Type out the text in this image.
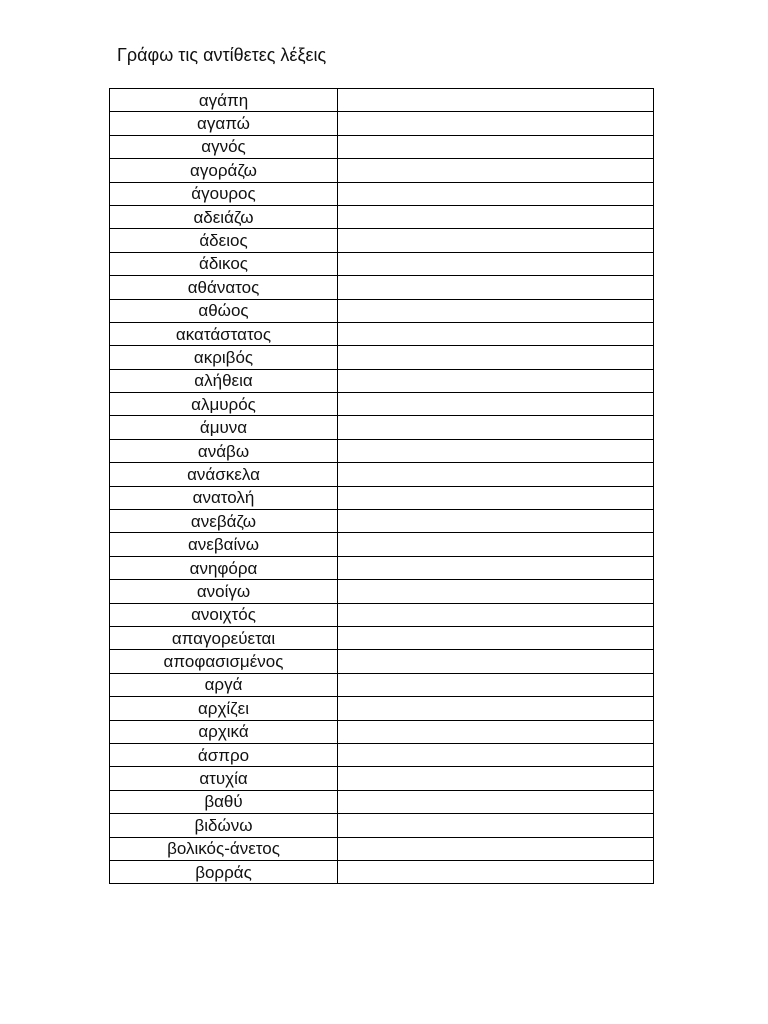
Γράφω τις αντίθετες λέξεις
αγάπη	
αγαπώ	
αγνός	
αγοράζω	
άγουρος	
αδειάζω	
άδειος	
άδικος	
αθάνατος	
αθώος	
ακατάστατος	
ακριβός	
αλήθεια	
αλμυρός	
άμυνα	
ανάβω	
ανάσκελα	
ανατολή	
ανεβάζω	
ανεβαίνω	
ανηφόρα	
ανοίγω	
ανοιχτός	
απαγορεύεται	
αποφασισμένος	
αργά	
αρχίζει	
αρχικά	
άσπρο	
ατυχία	
βαθύ	
βιδώνω	
βολικός-άνετος	
βορράς	
